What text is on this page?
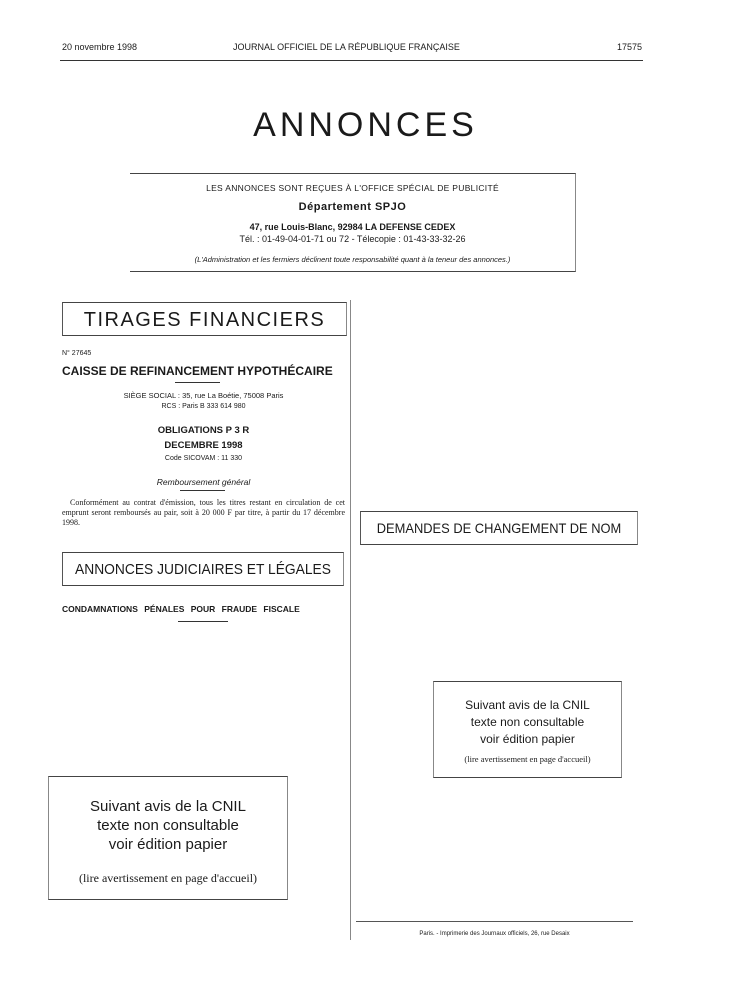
20 novembre 1998	JOURNAL OFFICIEL DE LA RÉPUBLIQUE FRANÇAISE	17575
ANNONCES
LES ANNONCES SONT REÇUES À L'OFFICE SPÉCIAL DE PUBLICITÉ
Département SPJO
47, rue Louis-Blanc, 92984 LA DEFENSE CEDEX
Tél. : 01-49-04-01-71 ou 72 - Télecopie : 01-43-33-32-26
(L'Administration et les fermiers déclinent toute responsabilité quant à la teneur des annonces.)
TIRAGES FINANCIERS
N° 27645
CAISSE DE REFINANCEMENT HYPOTHÉCAIRE
SIÈGE SOCIAL : 35, rue La Boétie, 75008 Paris
RCS : Paris B 333 614 980
OBLIGATIONS P 3 R
DECEMBRE 1998
Code SICOVAM : 11 330
Remboursement général
Conformément au contrat d'émission, tous les titres restant en circulation de cet emprunt seront remboursés au pair, soit à 20 000 F par titre, à partir du 17 décembre 1998.
ANNONCES JUDICIAIRES ET LÉGALES
CONDAMNATIONS PÉNALES POUR FRAUDE FISCALE
DEMANDES DE CHANGEMENT DE NOM
Suivant avis de la CNIL
texte non consultable
voir édition papier
(lire avertissement en page d'accueil)
Suivant avis de la CNIL
texte non consultable
voir édition papier
(lire avertissement en page d'accueil)
Paris. - Imprimerie des Journaux officiels, 26, rue Desaix
